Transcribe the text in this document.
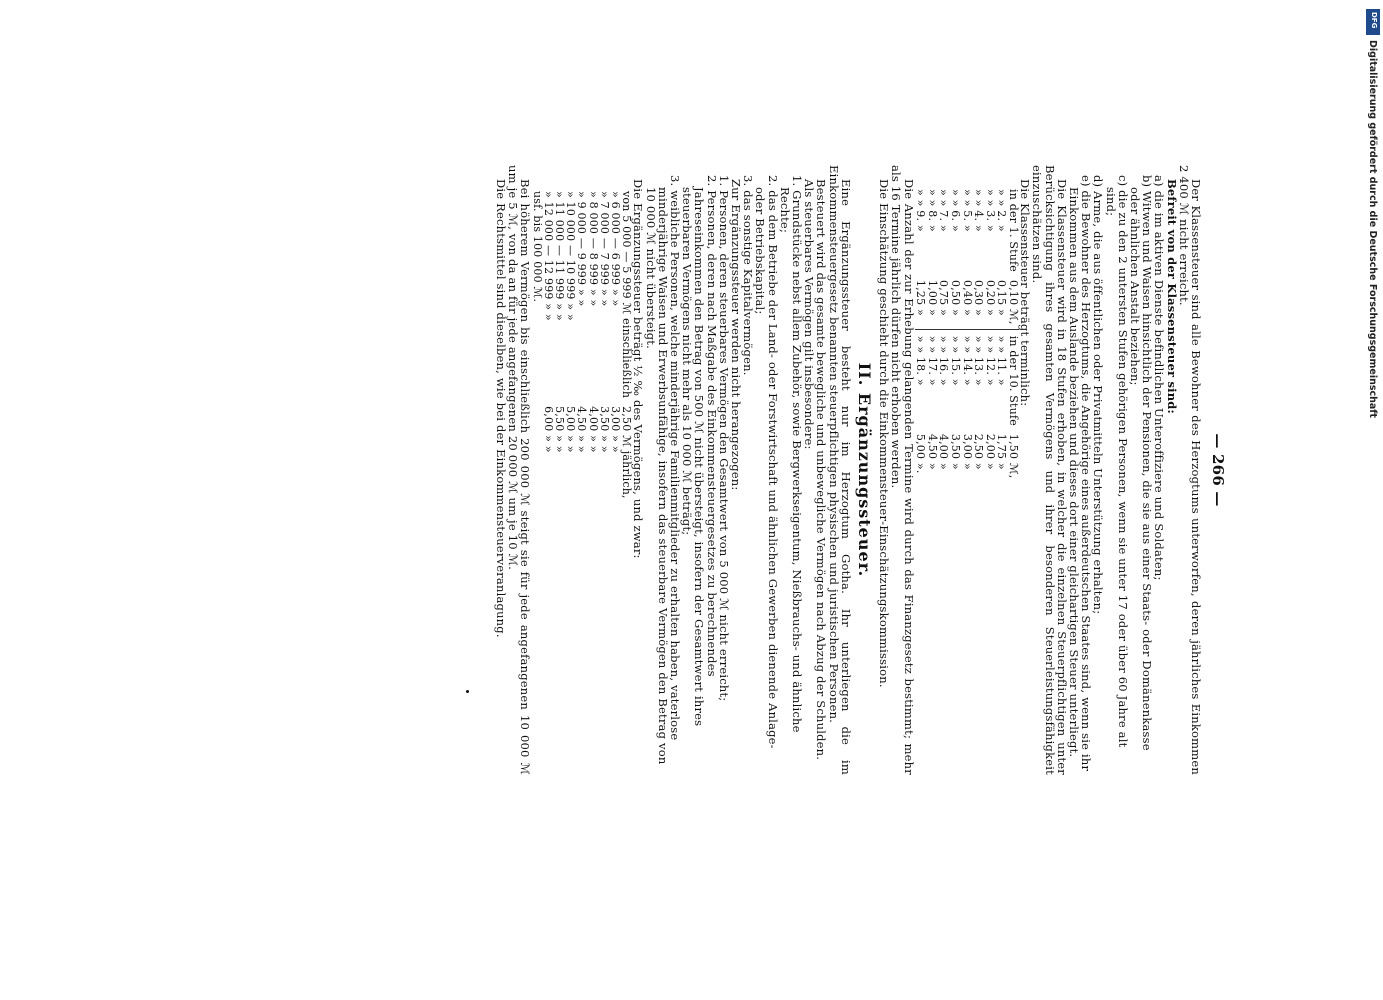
— 266 —

Der Klassensteuer sind alle Bewohner des Herzogtums unterworfen, deren jährliches Einkommen 2 400 ℳ nicht erreicht.

Befreit von der Klassensteuer sind:

a) die im aktiven Dienste befindlichen Unteroffiziere und Soldaten;

b) Witwen und Waisen hinsichtlich der Pensionen, die sie aus einer Staats- oder Domänenkasse oder ähnlichen Anstalt beziehen;

c) die zu den 2 untersten Stufen gehörigen Personen, wenn sie unter 17 oder über 60 Jahre alt sind;

d) Arme, die aus öffentlichen oder Privatmitteln Unterstützung erhalten;

e) die Bewohner des Herzogtums, die Angehörige eines außerdeutschen Staates sind, wenn sie ihr Einkommen aus dem Auslande beziehen und dieses dort einer gleichartigen Steuer unterliegt.

Die Klassensteuer wird in 18 Stufen erhoben, in welcher die einzelnen Steuerpflichtigen unter Berücksichtigung ihres gesamten Vermögens und ihrer besonderen Steuerleistungsfähigkeit einzuschätzen sind.

Die Klassensteuer beträgt terminlich:

in der 1. Stufe	0,10 ℳ,	in der 10. Stufe	1,50 ℳ,
» » 2. »	0,15 »	» » 11. »	1,75 »
» » 3. »	0,20 »	» » 12. »	2,00 »
» » 4. »	0,30 »	» » 13. »	2,50 »
» » 5. »	0,40 »	» » 14. »	3,00 »
» » 6. »	0,50 »	» » 15. »	3,50 »
» » 7. »	0,75 »	» » 16. »	4,00 »
» » 8. »	1,00 »	» » 17. »	4,50 »
» » 9. »	1,25 »	» » 18. »	5,00 ».

Die Anzahl der zur Erhebung gelangenden Termine wird durch das Finanzgesetz bestimmt; mehr als 16 Termine jährlich dürfen nicht erhoben werden.

Die Einschätzung geschieht durch die Einkommensteuer-Einschätzungskommission.

II. Ergänzungssteuer.

Eine Ergänzungssteuer besteht nur im Herzogtum Gotha. Ihr unterliegen die im Einkommensteuergesetz benannten steuerpflichtigen physischen und juristischen Personen.

Besteuert wird das gesamte bewegliche und unbewegliche Vermögen nach Abzug der Schulden.

Als steuerbares Vermögen gilt insbesondere:

1. Grundstücke nebst allem Zubehör, sowie Bergwerkseigentum, Nießbrauchs- und ähnliche Rechte;

2. das dem Betriebe der Land- oder Forstwirtschaft und ähnlichen Gewerben dienende Anlage- oder Betriebskapital;

3. das sonstige Kapitalvermögen.

Zur Ergänzungssteuer werden nicht herangezogen:

1. Personen, deren steuerbares Vermögen den Gesamtwert von 5 000 ℳ nicht erreicht;

2. Personen, deren nach Maßgabe des Einkommensteuergesetzes zu berechnendes Jahreseinkommen den Betrag von 500 ℳ nicht übersteigt, insofern der Gesamtwert ihres steuerbaren Vermögens nicht mehr als 10 000 ℳ beträgt;

3. weibliche Personen, welche minderjährige Familienmitglieder zu erhalten haben, vaterlose minderjährige Waisen und Erwerbsunfähige, insofern das steuerbare Vermögen den Betrag von 10 000 ℳ nicht übersteigt.

Die Ergänzungssteuer beträgt ½ ‰ des Vermögens, und zwar:

von 5 000 — 5 999 ℳ einschließlich	2,50 ℳ jährlich,
» 6 000 — 6 999 » »	3,00 » »
» 7 000 — 7 999 » »	3,50 » »
» 8 000 — 8 999 » »	4,00 » »
» 9 000 — 9 999 » »	4,50 » »
» 10 000 — 10 999 » »	5,00 » »
» 11 000 — 11 999 » »	5,50 » »
» 12 000 — 12 999 » »	6,00 » »
usf. bis 100 000 ℳ.	

Bei höherem Vermögen bis einschließlich 200 000 ℳ steigt sie für jede angefangenen 10 000 ℳ um je 5 ℳ, von da an für jede angefangenen 20 000 ℳ um je 10 ℳ.

Die Rechtsmittel sind dieselben, wie bei der Einkommensteuerveranlagung.

DFG
Digitalisierung gefördert durch die Deutsche Forschungsgemeinschaft
